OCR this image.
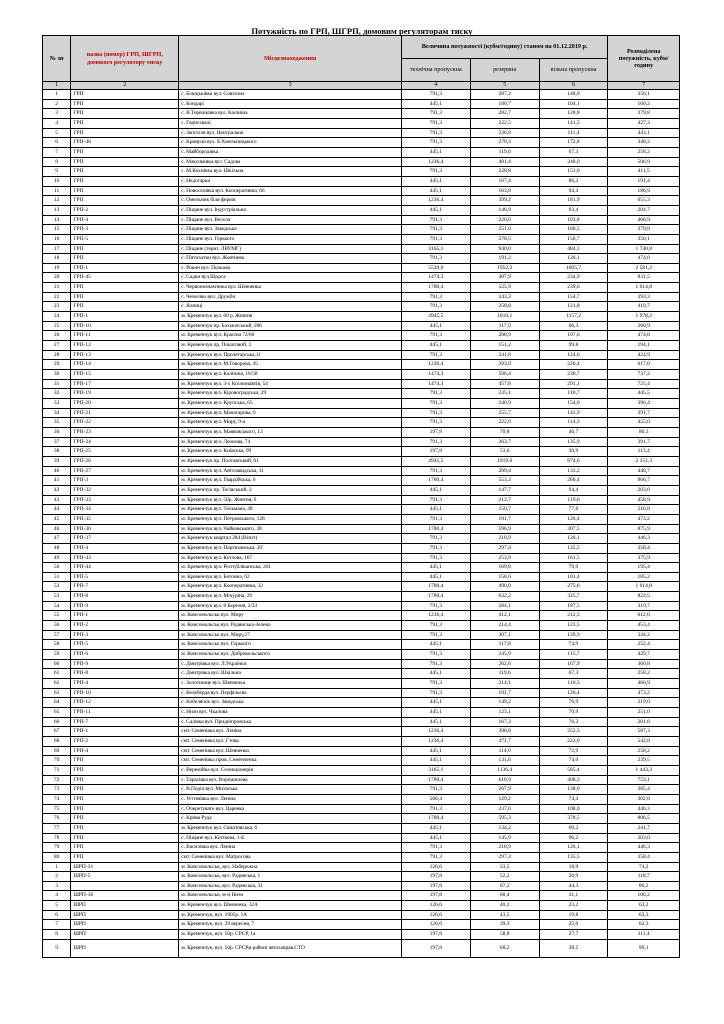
Потужність по ГРП, ШГРП, домовим регуляторам тиску
№ зп	назва (номер) ГРП, ШГРП, домового регулятору тиску	Місцезнаходження	Величина потужності (кубм/годину) станом на 01.12.2019 р.			Розподілена потужність, кубм/годину
			технічна пропускна	резервна	вільна пропускна	
1	2	3	4	5	6	7
1	ГРП	с. Білецьківка вул. Совхозна	791,3	287,2	148,0	356,1
2	ГРП	с. Бондарі	445,1	180,7	104,1	160,2
3	ГРП	с. В.Терешківка вул. Калініна	791,3	282,7	128,8	379,8
4	ГРП	с. Горисхвалі	791,3	222,5	141,5	427,3
5	ГРП	с. Запсілля вул. Центральна	791,3	236,8	111,4	443,1
6	ГРП-46	с. Кривуші вул. Б.Хмельницького	791,3	270,3	172,8	348,2
7	ГРП	с. Майбородівка	445,1	119,6	67,3	258,2
8	ГРП	с. Максимівка вул. Садова	1236,4	481,4	248,0	506,9
9	ГРП	с. М.Кохнівка вул. Шкільна	791,3	228,8	151,0	411,5
10	ГРП	с. Недогарки	445,1	167,4	86,3	191,4
11	ГРП	с. Новоселівка вул. Кооперативна, 66	445,1	163,8	94,4	186,9
12	ГРП	с. Омельник біля ферми	1236,4	399,2	181,9	655,3
13	ГРП-2	с. Піщане вул. Індустріальна	445,1	146,9	93,4	204,7
14	ГРП-4	с. Піщане вул. Весела	791,3	220,6	103,8	466,9
15	ГРП-3	с. Піщане вул. Заводська	791,3	251,0	160,5	379,8
16	ГРП-5	с. Піщане вул. Горького	791,3	278,5	156,7	356,1
17	ГРП	с. Піщане (терит. ЛВУМГ)	3165,1	940,0	484,3	1 740,8
18	ГРП	с. П'ятихатки вул. Жовтнева	791,3	191,2	126,1	474,0
19	ГРП-1	с. Рокин вул. Польова	5539,0	1952,2	1005,7	2 581,2
20	ГРП-45	с. Садки вул.Щорса	1474,3	407,9	234,9	831,5
21	ГРП	с. Червонознам'янка вул. Шевченка	1780,4	525,9	239,6	1 014,8
22	ГРП	с. Чечеліво вул. Дружби	791,3	243,3	154,7	393,3
23	ГРП	с. Ялинці	791,3	258,8	121,8	410,7
24	ГРП-1	м. Кременчук вул. 60 р. Жовтня	4945,5	1810,1	1157,2	1 978,2
25	ГРП-10	м. Кременчук пр. Бохмочський, 206	445,1	117,9	66,3	260,9
26	ГРП-11	м. Кременчук вул. Красіна 72/60	791,3	208,9	107,6	474,8
27	ГРП-12	м. Кременчук пр. Покатовий, 3	445,1	151,2	99,8	194,1
28	ГРП-13	м. Кременчук вул. Пролетарська,11	791,3	241,8	124,6	424,9
29	ГРП-14	м. Кременчук вул. М.Говорова, 45	1236,4	393,0	226,4	617,0
30	ГРП-15	м. Кременчук вул. Калініна, 16/58	1474,3	506,4	230,7	737,2
31	ГРП-17	м. Кременчук вул. 3-х Космонавтів, 54	1474,3	457,8	291,1	725,4
32	ГРП-19	м. Кременчук вул. Кіровоградська, 29	791,3	235,1	110,7	445,5
33	ГРП-20	м. Кременчук вул. Крупська, 65	791,3	240,9	154,0	396,4
34	ГРП-21	м. Кременчук вул. Манагарова, 9	791,3	255,7	143,9	391,7
35	ГРП-22	м. Кременчук вул. Миру, 9-а	791,3	222,0	114,3	455,0
36	ГРП-23	м. Кременчук вул. Маяковського, 13	197,8	70,8	46,7	80,3
37	ГРП-24	м. Кременчук вул. Леонова, 74	791,3	263,7	135,9	391,7
38	ГРП-25	м. Кременчук вул. Київська, 99	197,8	53,6	30,9	113,4
39	ГРП-26	м. Кременчук пр. Полтавський, 61	4945,5	1919,6	874,6	2 151,3
40	ГРП-27	м. Кременчук вул. Автозаводська, 11	791,3	209,4	133,2	448,7
41	ГРП-3	м. Кременчук вул. Гвардійська, 6	1780,4	553,3	260,4	966,7
42	ГРП-32	м. Кременчук пр. Тесівський, 2	445,1	147,7	94,4	203,0
43	ГРП-33	м. Кременчук вул. 50р. Жовтня, 6	791,3	212,7	119,6	458,9
44	ГРП-34	м. Кременчук вул. Тельмана, 48	445,1	150,7	77,6	216,8
45	ГРП-35	м. Кременчук вул. Петровського, 128	791,3	191,7	126,4	473,2
46	ГРП-36	м. Кременчук вул. Чайковського, 38	1780,4	596,9	307,5	875,9
47	ГРП-37	м. Кременчук квартал 284 (Візит)	791,3	218,9	126,1	446,3
48	ГРП-4	м. Кременчук вул. Партизанська, 20	791,3	297,4	135,5	358,4
49	ГРП-43	м. Кременчук вул. Котлова, 167	791,3	253,9	161,5	375,9
50	ГРП-44	м. Кременчук вул. Республіканська, 201	445,1	169,8	79,9	195,4
51	ГРП-5	м. Кременчук вул. Бетонна, 62	445,1	158,6	101,4	185,2
52	ГРП-7	м. Кременчук вул. Кооперативна, 32	1780,4	490,0	275,6	1 014,8
53	ГРП-8	м. Кременчук вул. Мічуріна, 29	1780,4	632,2	325,7	822,5
54	ГРП-9	м. Кременчук вул. 8 Березня, 2/33	791,3	284,1	187,5	319,7
55	ГРП-1	м. Комсомольськ вул. Миру	1236,4	412,1	212,3	612,0
56	ГРП-2	м. Комсомольськ вул. Радянська-Зелена	791,3	214,4	123,5	453,4
57	ГРП-3	м. Комсомольськ вул. Миру,27	791,3	307,1	139,9	344,2
58	ГРП-5	м. Комсомольськ вул. Горького	445,1	117,8	74,9	252,4
59	ГРП-6	м. Комсомольськ вул. Добровольського	791,3	245,9	115,7	429,7
60	ГРП-9	с. Дмитрівка вул. Л.Українки	791,3	262,6	167,9	360,8
61	ГРП-8	с. Дмитрівка вул. Шкільна	445,1	119,6	67,3	258,2
62	ГРП-4	с. Золотнище вул. Шевченка	791,3	214,1	110,3	466,9
63	ГРП-10	с. Келеберда вул. Перфільєва	791,3	191,7	126,4	473,2
64	ГРП-12	с. Кобелячок вул. Заводська	445,1	149,2	76,9	219,0
65	ГРП-11	с. Низи вул. Чкалова	445,1	123,1	70,9	251,0
66	ГРП-7	с. Салівка вул. Придніпровська	445,1	167,3	76,2	201,6
67	ГРП-1	смт. Семенівка вул. Леніна	1236,4	396,8	252,3	587,3
68	ГРП-2	смт. Семенівка вул. Гтова	1236,4	471,7	222,0	542,8
69	ГРП-4	смт. Семенівка вул. Шевченка	445,1	114,0	72,9	258,2
70	ГРП	смт. Семенівка пров. Семенченка	445,1	131,6	74,0	239,5
71	ГРП	с. Веремійка вул. Селекціонерів	3165,1	1136,4	585,4	1 443,3
72	ГРП	с. Тарасівка вул. Ворошилова	1780,4	618,9	408,3	753,1
73	ГРП	с. В.Поділ вул. Михаська	791,3	267,9	138,0	385,4
74	ГРП	с. Устимівка вул. Леніна	506,4	129,2	74,4	302,8
75	ГРП	с. Очеретувате вул. Царенка	791,3	237,0	108,0	446,3
76	ГРП	с. Крива Руда	1780,4	595,3	378,5	806,5
77	ГРП	м. Кременчук вул. Свіштовська, 6	445,1	134,2	69,2	241,7
78	ГРП	с. Піщане вул. Кіпткова, 1-Б	445,1	145,9	96,2	203,0
79	ГРП	с. Василівка вул. Леніна	791,3	218,9	126,1	446,3
80	ГРП	смт. Семенівка вул. Матросова	791,3	297,4	135,5	358,4
1	ШРП-31	м. Комсомольськ, вул. Набережна	126,6	33,5	18,9	74,2
2	ШРП-5	м. Комсомольськ, вул. Радянська, 1	197,8	52,2	26,9	118,7
3		м. Комсомольськ, вул. Радянська, 31	197,8	67,2	44,3	86,2
4	ШРП-36	м. Комсомольськ, м-н Низи	197,8	60,4	31,1	106,2
5	ШРП	м. Кременчук вул. Шевченка, 32А	126,6	40,2	23,2	63,2
6	ШРП	м. Кременчук, вул. 1905р. 1А	126,6	43,5	19,8	63,3
7	ШРП	м. Кременчук, вул. 29 вересня, 7	126,6	39,3	25,0	62,3
8	ШРП	м. Кременчук, вул. 50р. СРСР, 1а	197,8	58,8	27,7	111,4
9	ШРП	м. Кременчук, вул. 50р. СРСР,в районі автозаправ.СТО	197,8	60,2	38,5	99,1
